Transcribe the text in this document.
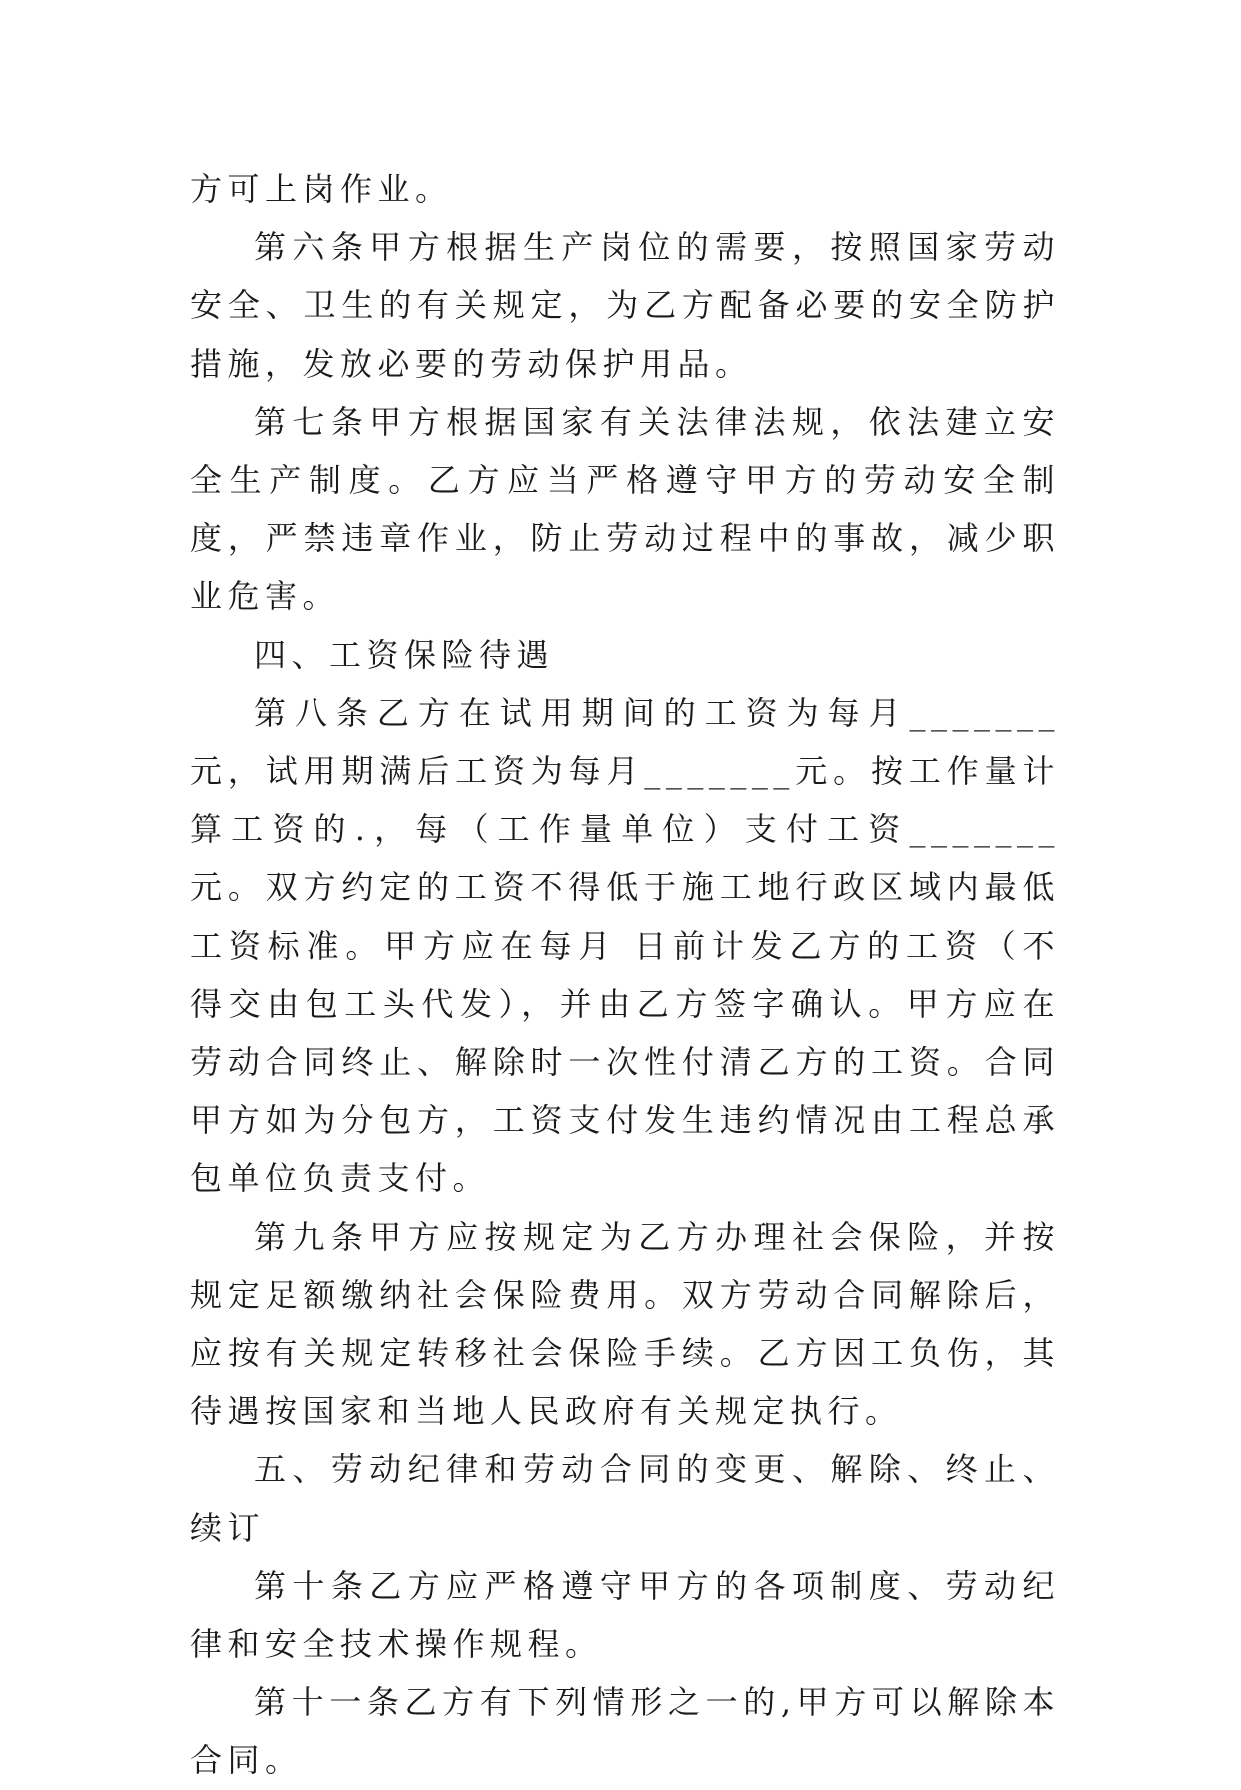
方可上岗作业。

第六条甲方根据生产岗位的需要，按照国家劳动安全、卫生的有关规定，为乙方配备必要的安全防护措施，发放必要的劳动保护用品。

第七条甲方根据国家有关法律法规，依法建立安全生产制度。乙方应当严格遵守甲方的劳动安全制度，严禁违章作业，防止劳动过程中的事故，减少职业危害。

四、工资保险待遇

第八条乙方在试用期间的工资为每月_______元，试用期满后工资为每月_______元。按工作量计算工资的.，每（工作量单位）支付工资_______元。双方约定的工资不得低于施工地行政区域内最低工资标准。甲方应在每月 日前计发乙方的工资（不得交由包工头代发），并由乙方签字确认。甲方应在劳动合同终止、解除时一次性付清乙方的工资。合同甲方如为分包方，工资支付发生违约情况由工程总承包单位负责支付。

第九条甲方应按规定为乙方办理社会保险，并按规定足额缴纳社会保险费用。双方劳动合同解除后，应按有关规定转移社会保险手续。乙方因工负伤，其待遇按国家和当地人民政府有关规定执行。

五、劳动纪律和劳动合同的变更、解除、终止、续订

第十条乙方应严格遵守甲方的各项制度、劳动纪律和安全技术操作规程。

第十一条乙方有下列情形之一的,甲方可以解除本合同。
